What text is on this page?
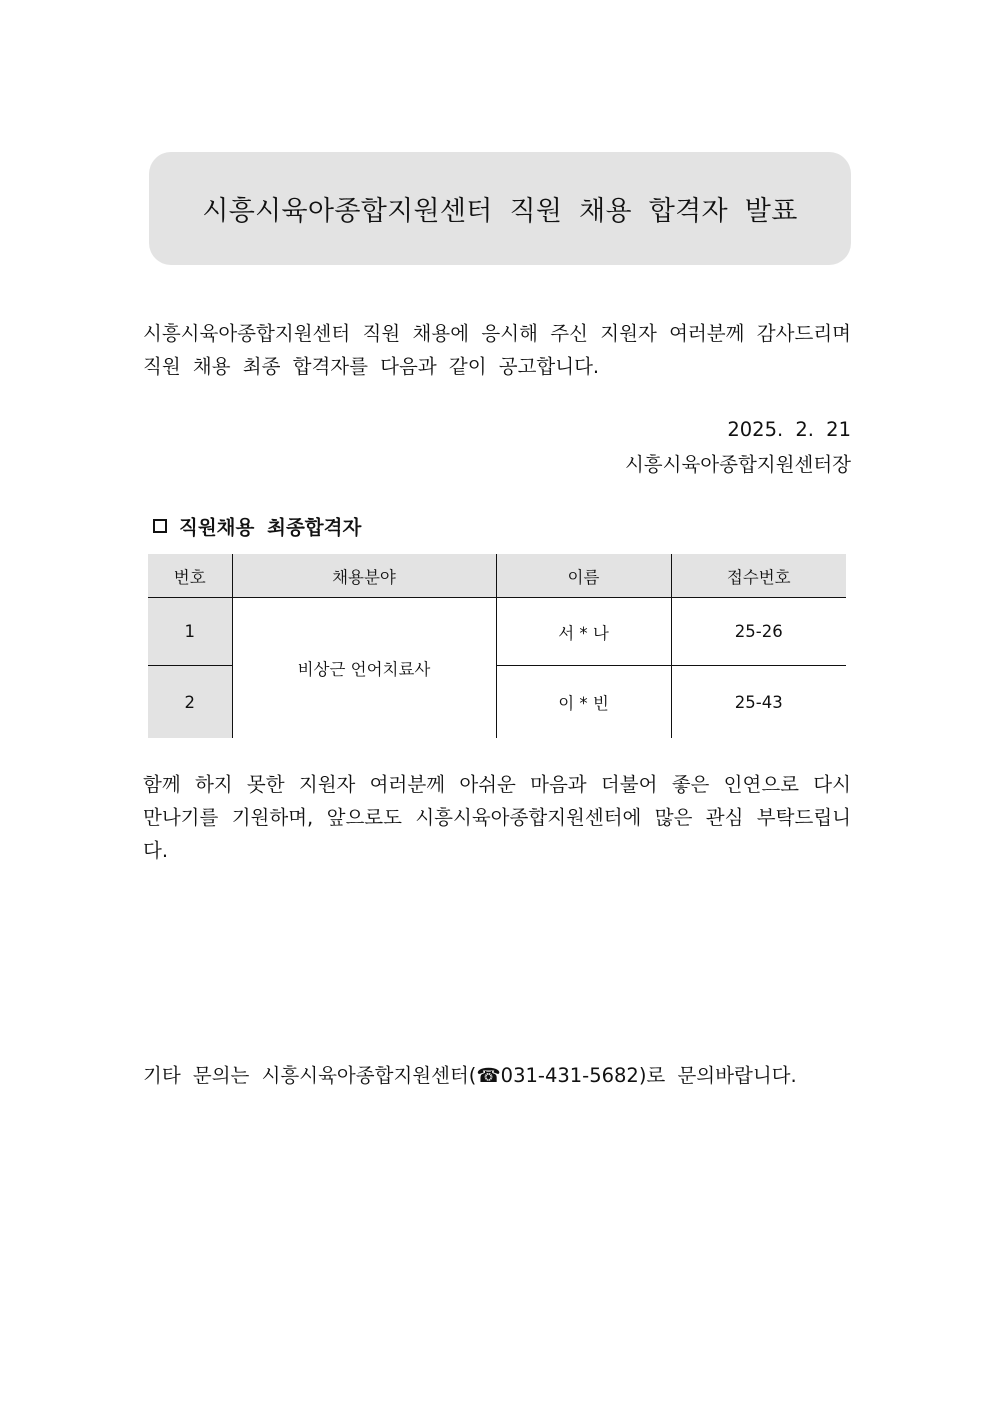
시흥시육아종합지원센터 직원 채용 합격자 발표

시흥시육아종합지원센터 직원 채용에 응시해 주신 지원자 여러분께 감사드리며 직원 채용 최종 합격자를 다음과 같이 공고합니다.

2025. 2. 21
시흥시육아종합지원센터장
직원채용 최종합격자
번호	채용분야	이름	접수번호
1	비상근 언어치료사	서 * 나	25-26
2		이 * 빈	25-43

함께 하지 못한 지원자 여러분께 아쉬운 마음과 더불어 좋은 인연으로 다시 만나기를 기원하며, 앞으로도 시흥시육아종합지원센터에 많은 관심 부탁드립니다.

기타 문의는 시흥시육아종합지원센터(☎031-431-5682)로 문의바랍니다.
